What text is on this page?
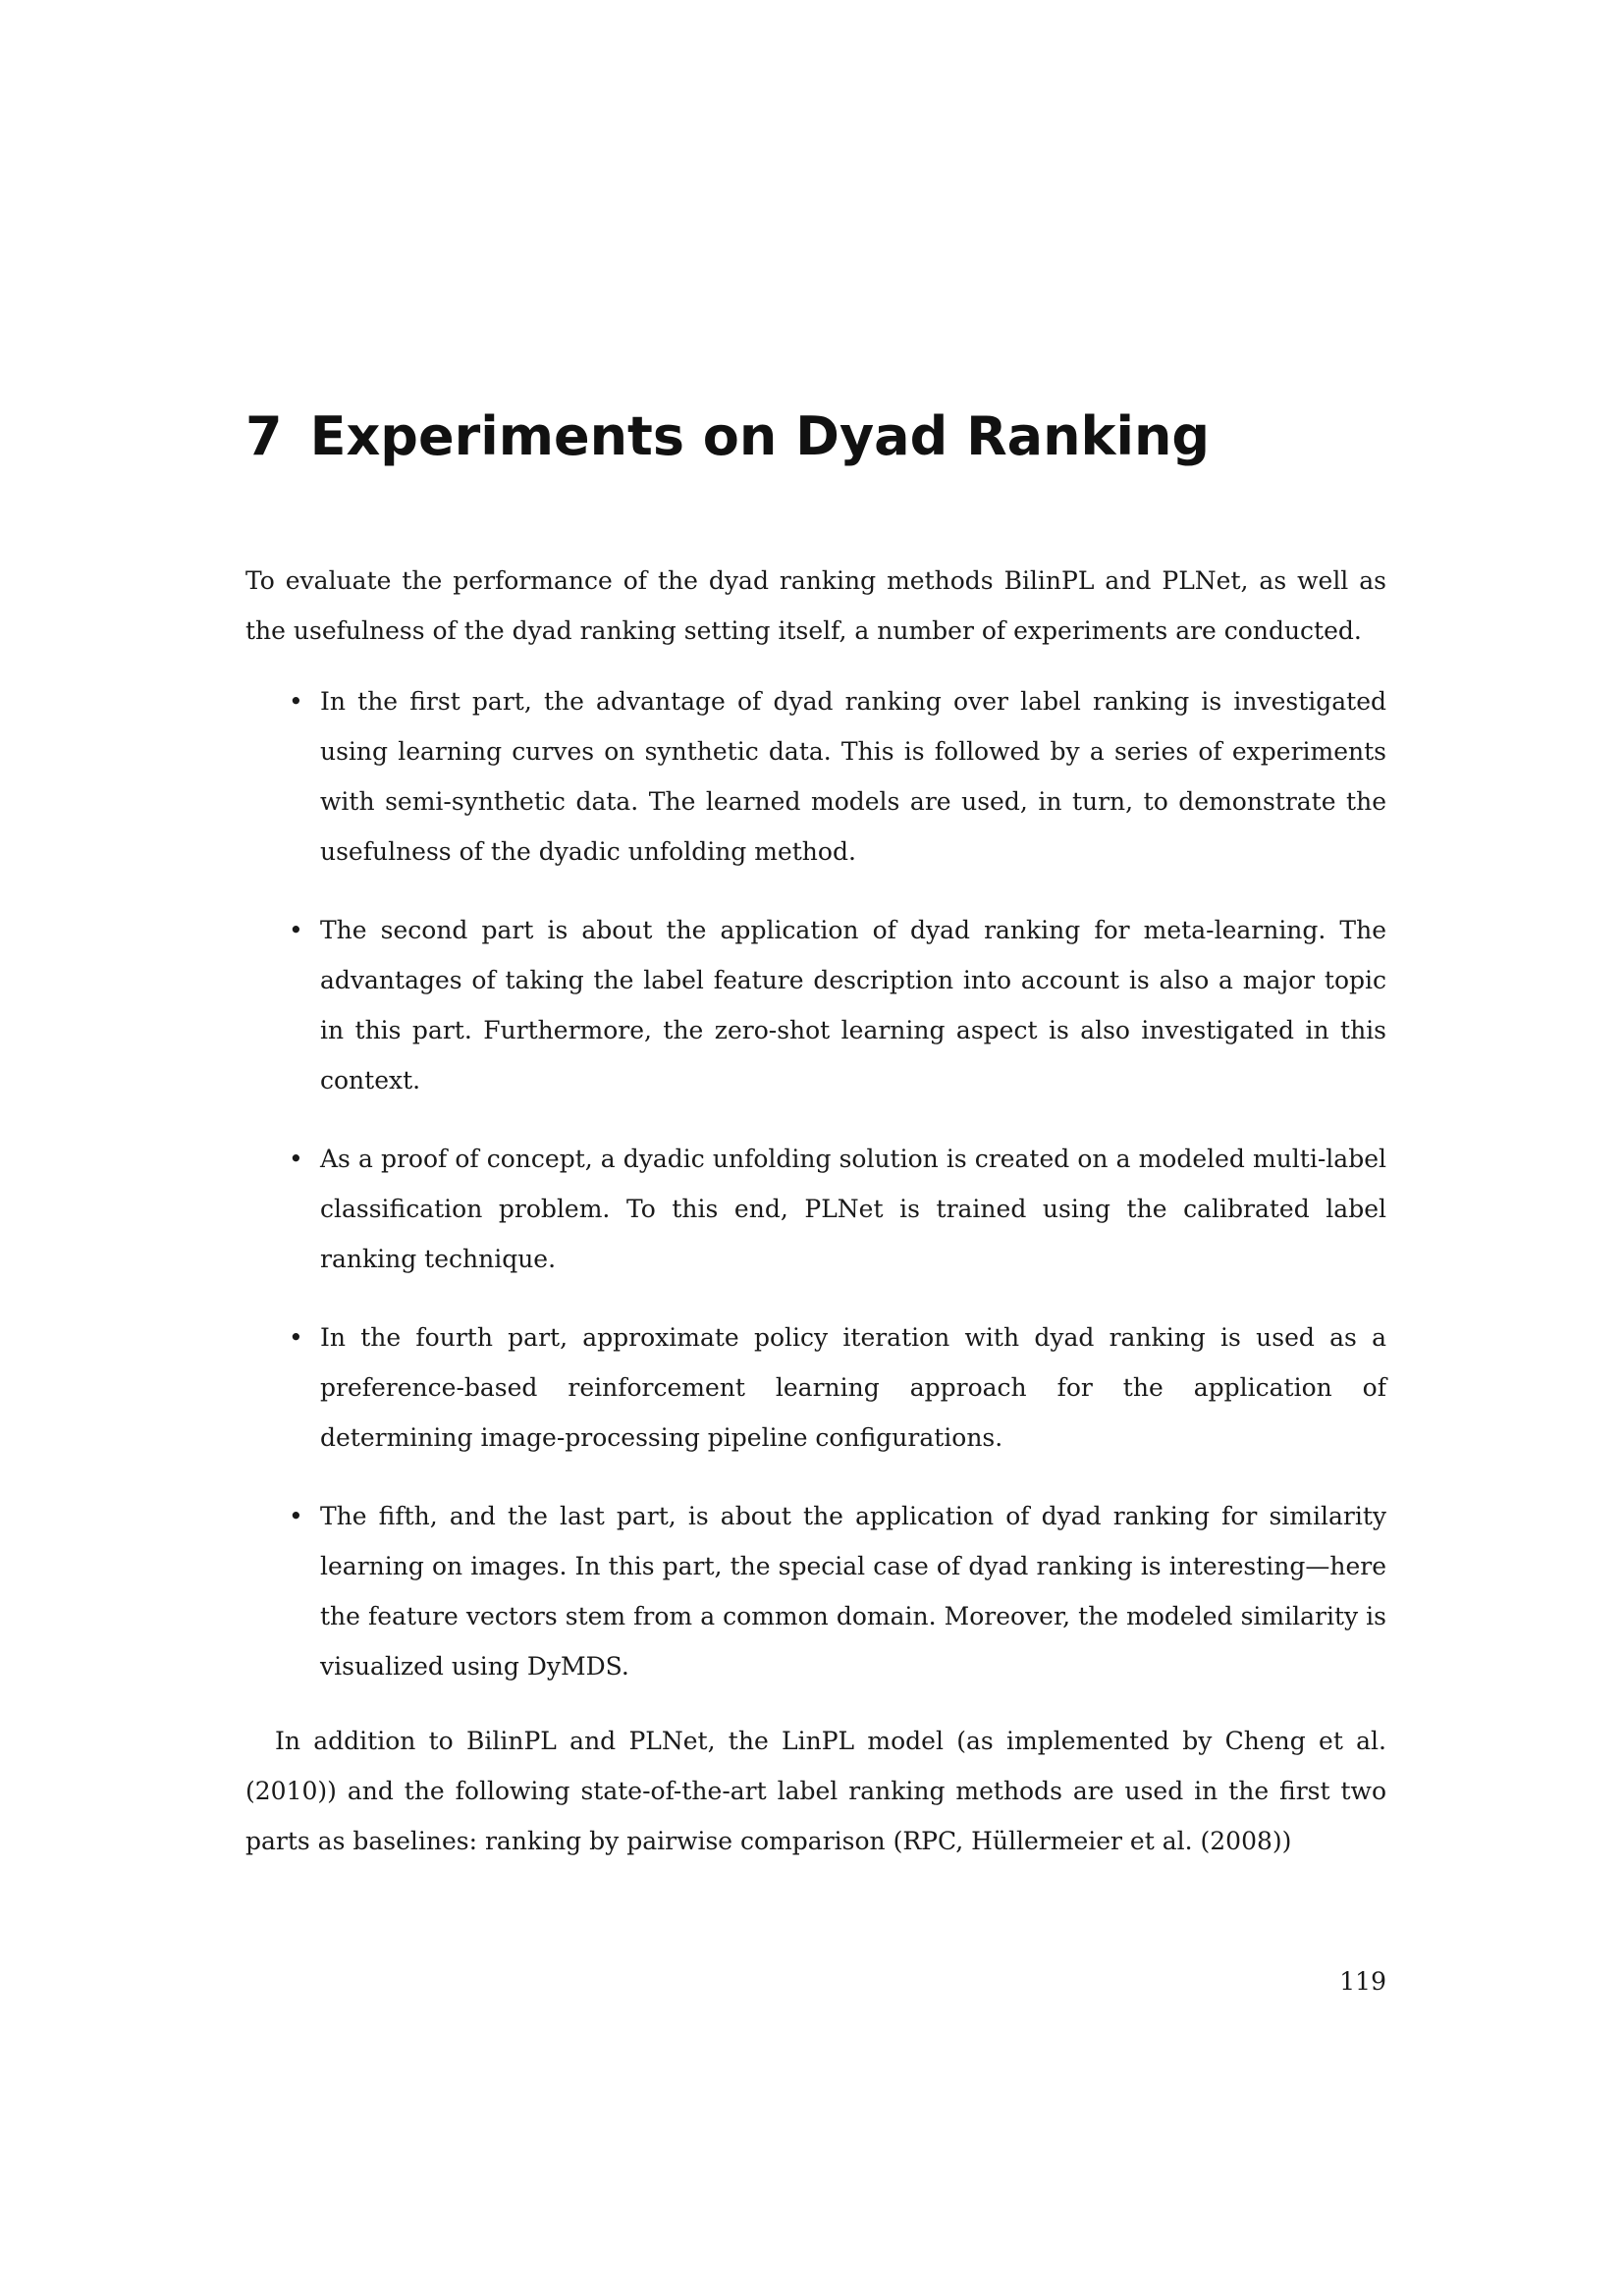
7 Experiments on Dyad Ranking

To evaluate the performance of the dyad ranking methods BilinPL and PLNet, as well as the usefulness of the dyad ranking setting itself, a number of experiments are conducted.

• In the first part, the advantage of dyad ranking over label ranking is investigated using learning curves on synthetic data. This is followed by a series of experiments with semi-synthetic data. The learned models are used, in turn, to demonstrate the usefulness of the dyadic unfolding method.
• The second part is about the application of dyad ranking for meta-learning. The advantages of taking the label feature description into account is also a major topic in this part. Furthermore, the zero-shot learning aspect is also investigated in this context.
• As a proof of concept, a dyadic unfolding solution is created on a modeled multi-label classification problem. To this end, PLNet is trained using the calibrated label ranking technique.
• In the fourth part, approximate policy iteration with dyad ranking is used as a preference-based reinforcement learning approach for the application of determining image-processing pipeline configurations.
• The fifth, and the last part, is about the application of dyad ranking for similarity learning on images. In this part, the special case of dyad ranking is interesting—here the feature vectors stem from a common domain. Moreover, the modeled similarity is visualized using DyMDS.

In addition to BilinPL and PLNet, the LinPL model (as implemented by Cheng et al. (2010)) and the following state-of-the-art label ranking methods are used in the first two parts as baselines: ranking by pairwise comparison (RPC, Hüllermeier et al. (2008))

119
